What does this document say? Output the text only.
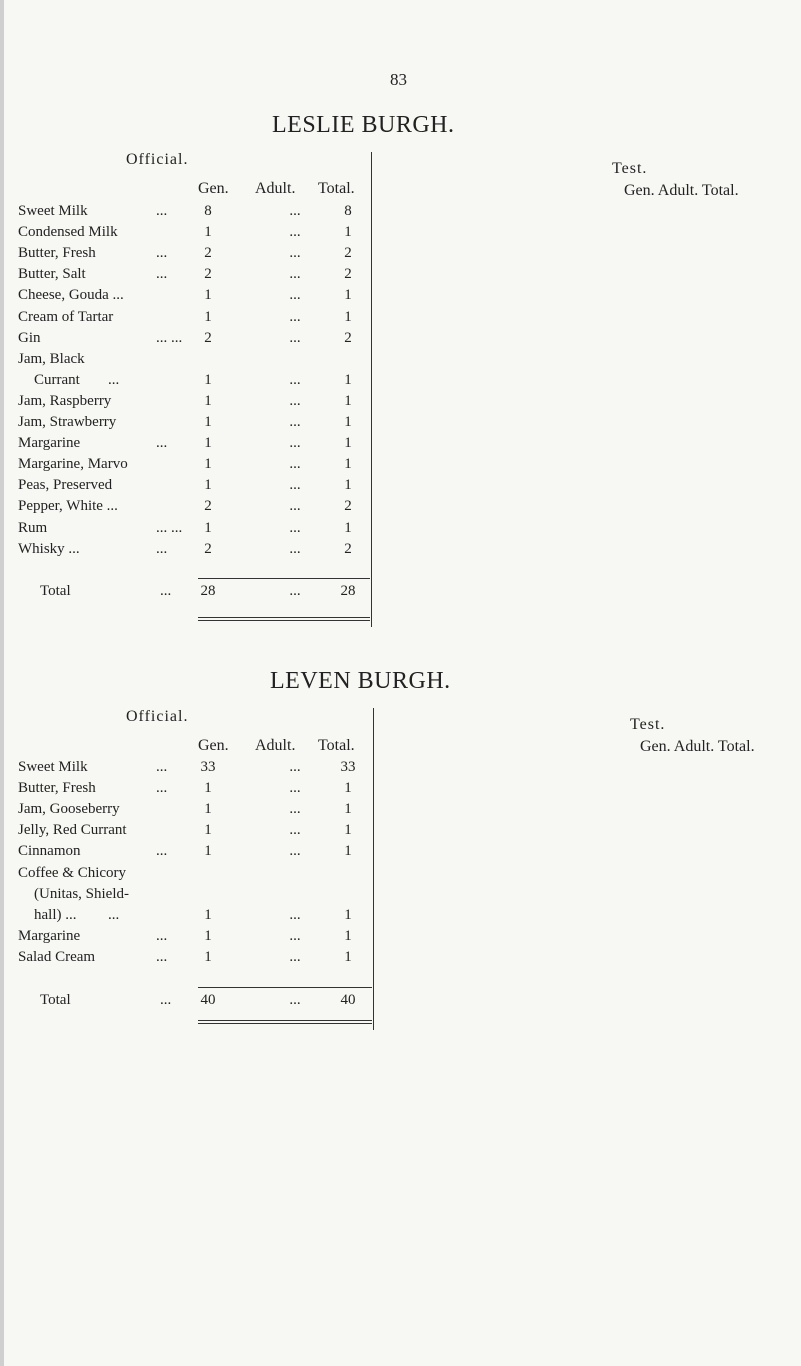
83
LESLIE BURGH.
Official.
Test.
Gen. Adult. Total.	Gen. Adult. Total.
Sweet Milk	...	8	...	8
Condensed Milk	1	...	1
Butter, Fresh	...	2	...	2
Butter, Salt	...	2	...	2
Cheese, Gouda ...	1	...	1
Cream of Tartar	1	...	1
Gin	... ...	2	...	2
Jam, Black
Currant ...	1	...	1
Jam, Raspberry	1	...	1
Jam, Strawberry	1	...	1
Margarine	...	1	...	1
Margarine, Marvo	1	...	1
Peas, Preserved	1	...	1
Pepper, White ...	2	...	2
Rum	... ...	1	...	1
Whisky ...	...	2	...	2
Total	...	28	...	28
LEVEN BURGH.
Official.	Test.
Gen. Adult. Total.	Gen. Adult. Total.
Sweet Milk	...	33	...	33
Butter, Fresh	...	1	...	1
Jam, Gooseberry	1	...	1
Jelly, Red Currant	1	...	1
Cinnamon	...	1	...	1
Coffee & Chicory
(Unitas, Shield-
hall) ... ...	1	...	1
Margarine	...	1	...	1
Salad Cream	...	1	...	1
Total	...	40	...	40
